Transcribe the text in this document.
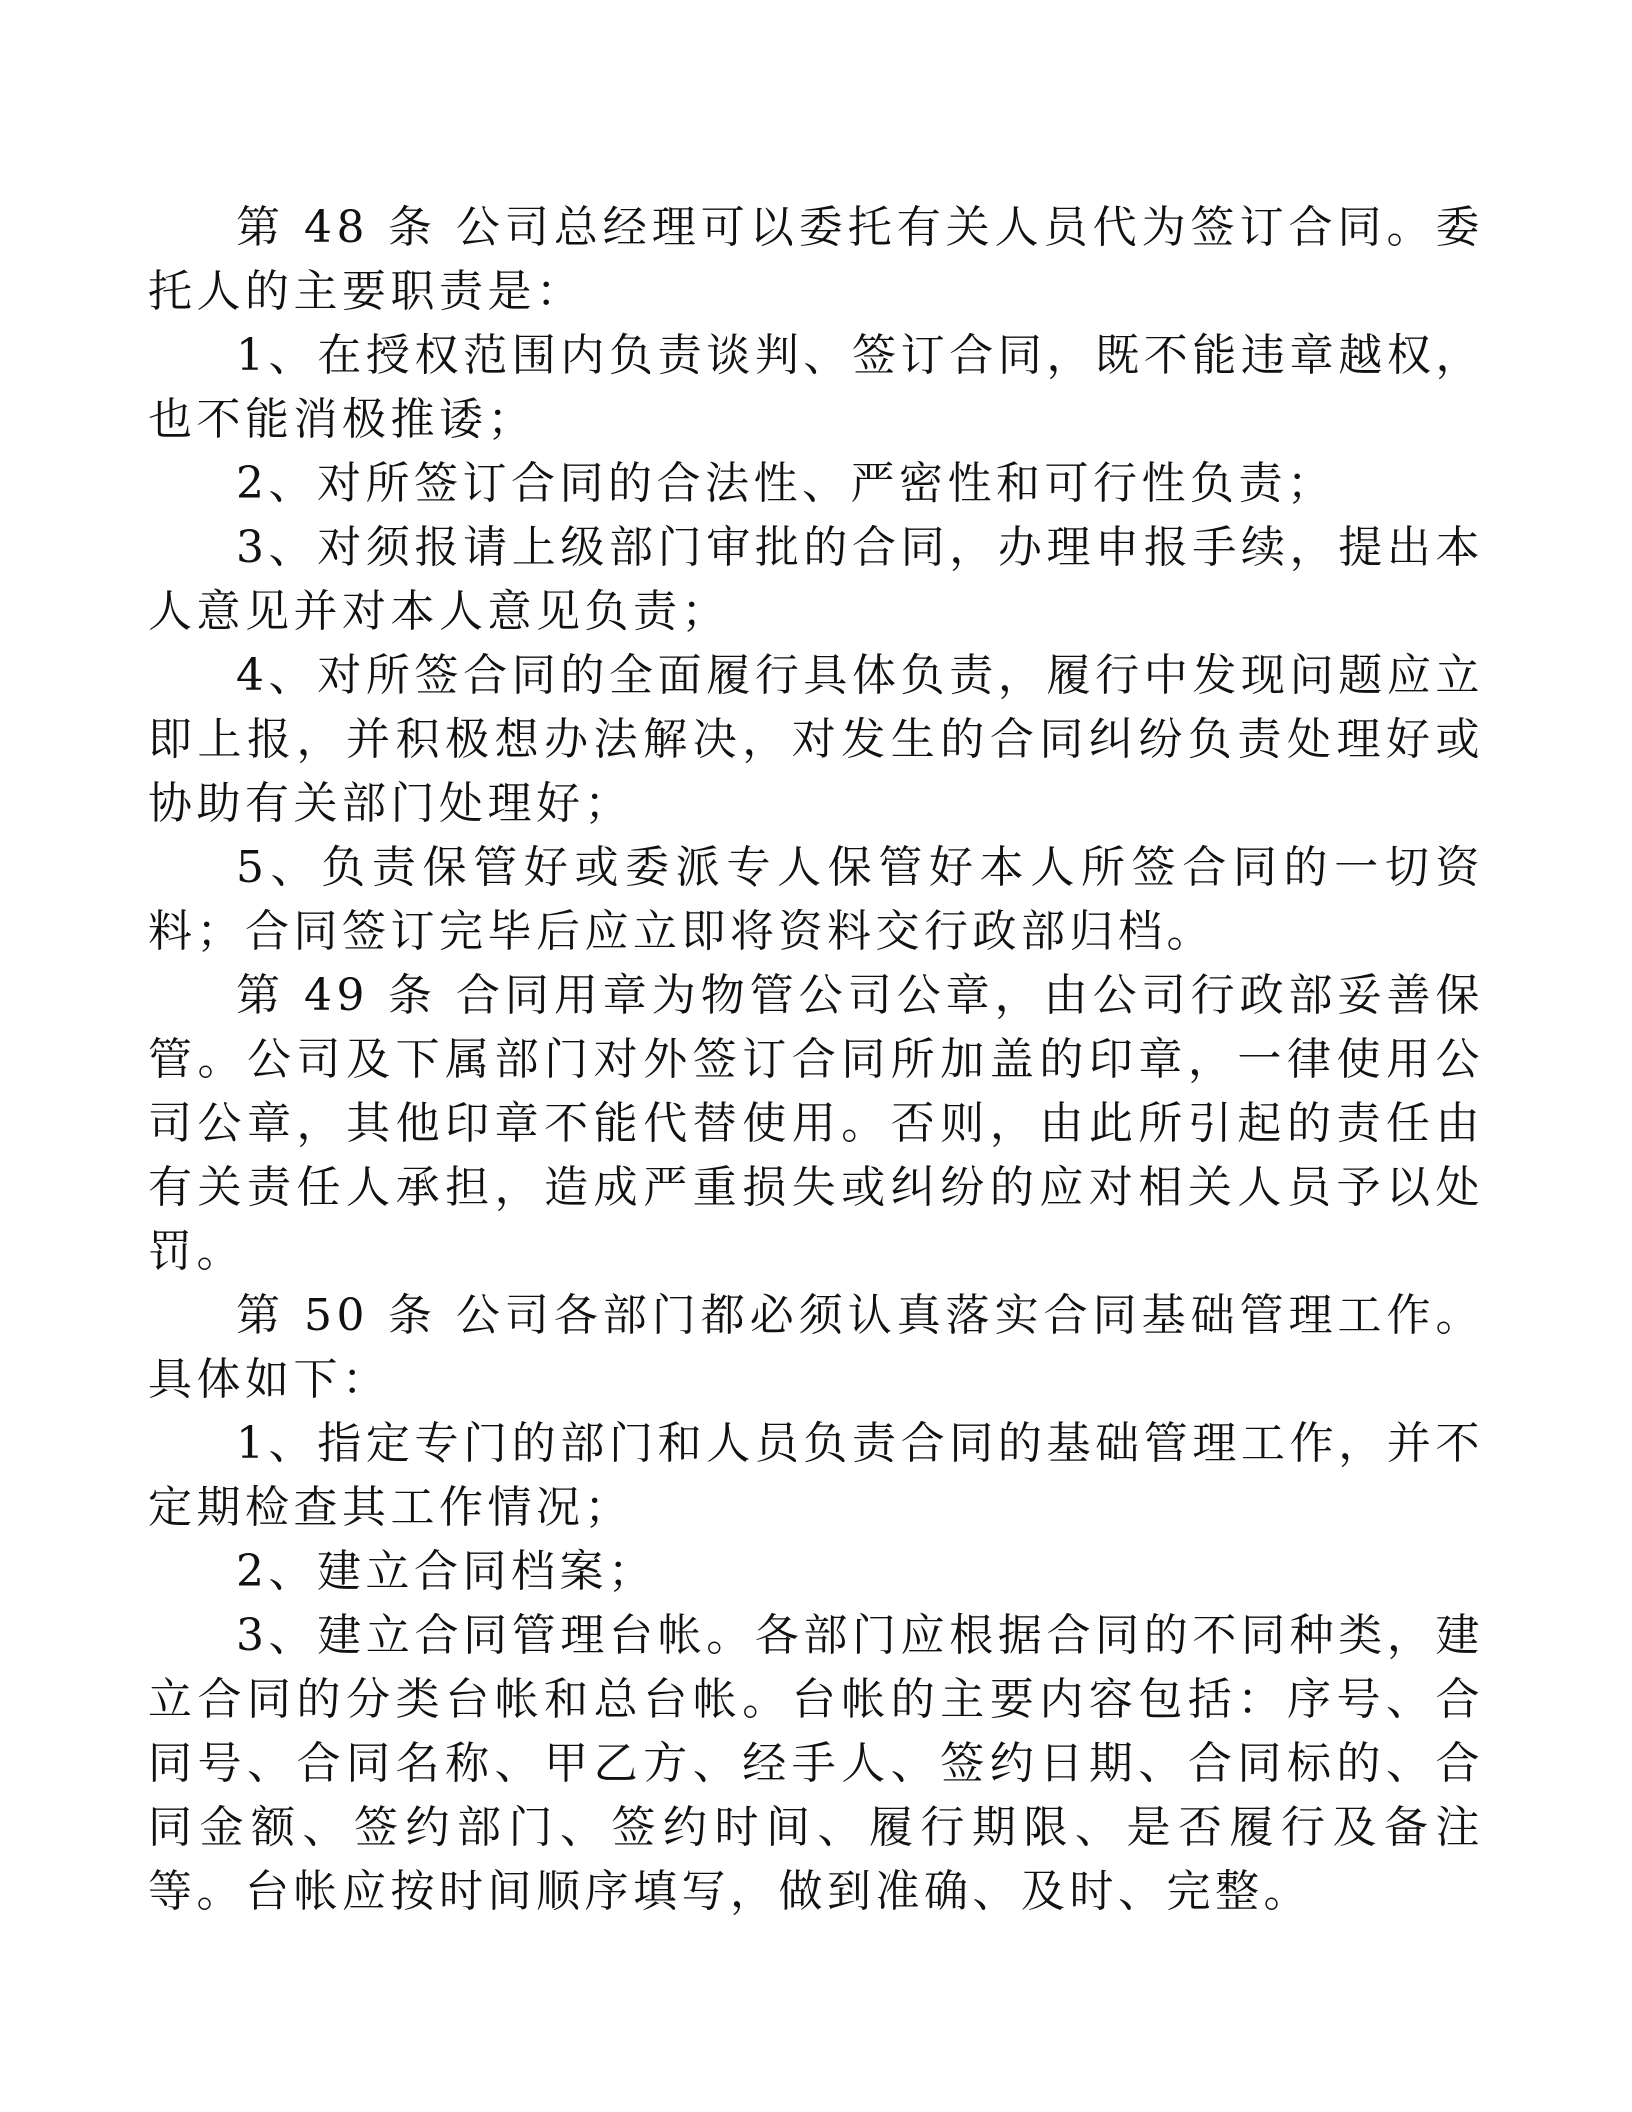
第 48 条 公司总经理可以委托有关人员代为签订合同。委托人的主要职责是：

1、在授权范围内负责谈判、签订合同，既不能违章越权，也不能消极推诿；

2、对所签订合同的合法性、严密性和可行性负责；

3、对须报请上级部门审批的合同，办理申报手续，提出本人意见并对本人意见负责；

4、对所签合同的全面履行具体负责，履行中发现问题应立即上报，并积极想办法解决，对发生的合同纠纷负责处理好或协助有关部门处理好；

5、负责保管好或委派专人保管好本人所签合同的一切资料；合同签订完毕后应立即将资料交行政部归档。

第 49 条 合同用章为物管公司公章，由公司行政部妥善保管。公司及下属部门对外签订合同所加盖的印章，一律使用公司公章，其他印章不能代替使用。否则，由此所引起的责任由有关责任人承担，造成严重损失或纠纷的应对相关人员予以处罚。

第 50 条 公司各部门都必须认真落实合同基础管理工作。具体如下：

1、指定专门的部门和人员负责合同的基础管理工作，并不定期检查其工作情况；

2、建立合同档案；

3、建立合同管理台帐。各部门应根据合同的不同种类，建立合同的分类台帐和总台帐。台帐的主要内容包括：序号、合同号、合同名称、甲乙方、经手人、签约日期、合同标的、合同金额、签约部门、签约时间、履行期限、是否履行及备注等。台帐应按时间顺序填写，做到准确、及时、完整。
